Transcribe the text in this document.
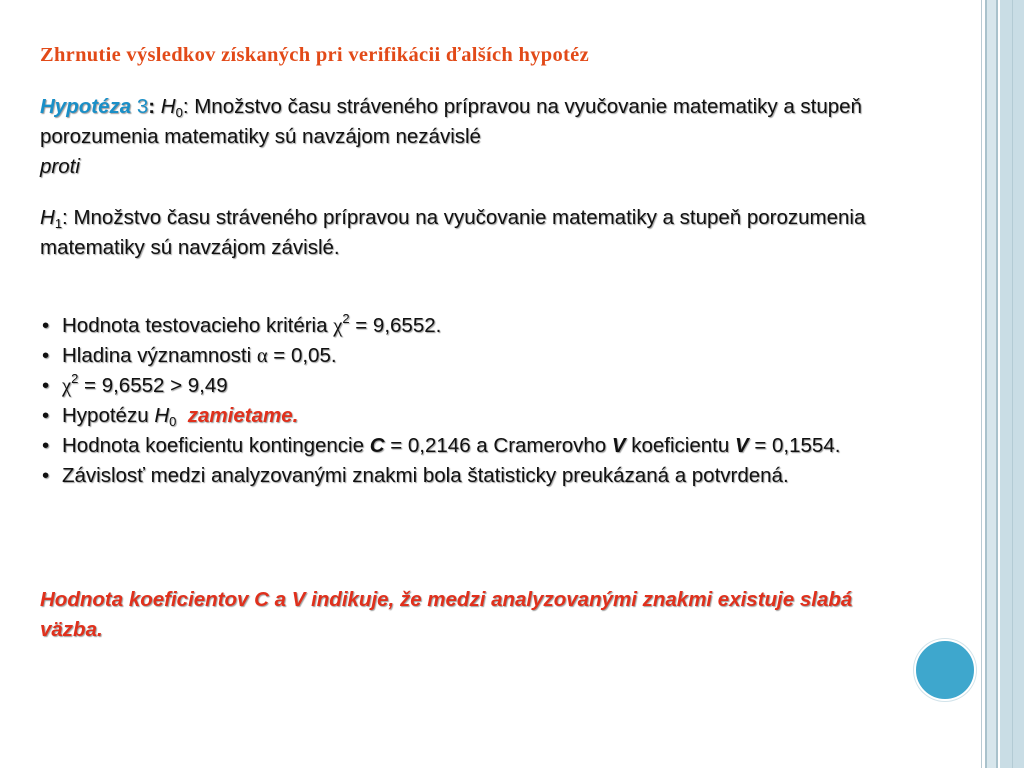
Zhrnutie výsledkov získaných pri verifikácii ďalších hypotéz

Hypotéza 3: $H_0$: Množstvo času stráveného prípravou na vyučovanie matematiky a stupeň porozumenia matematiky sú navzájom nezávislé
proti

$H_1$: Množstvo času stráveného prípravou na vyučovanie matematiky a stupeň porozumenia matematiky sú navzájom závislé.

• Hodnota testovacieho kritéria $\chi^2 = 9,6552$.
• Hladina významnosti α = 0,05.
• $\chi^2 = 9,6552 > 9,49$
• Hypotézu $H_0$ zamietame.
• Hodnota koeficientu kontingencie C = 0,2146 a Cramerovho V koeficientu V = 0,1554.
• Závislosť medzi analyzovanými znakmi bola štatisticky preukázaná a potvrdená.

Hodnota koeficientov C a V indikuje, že medzi analyzovanými znakmi existuje slabá väzba.
